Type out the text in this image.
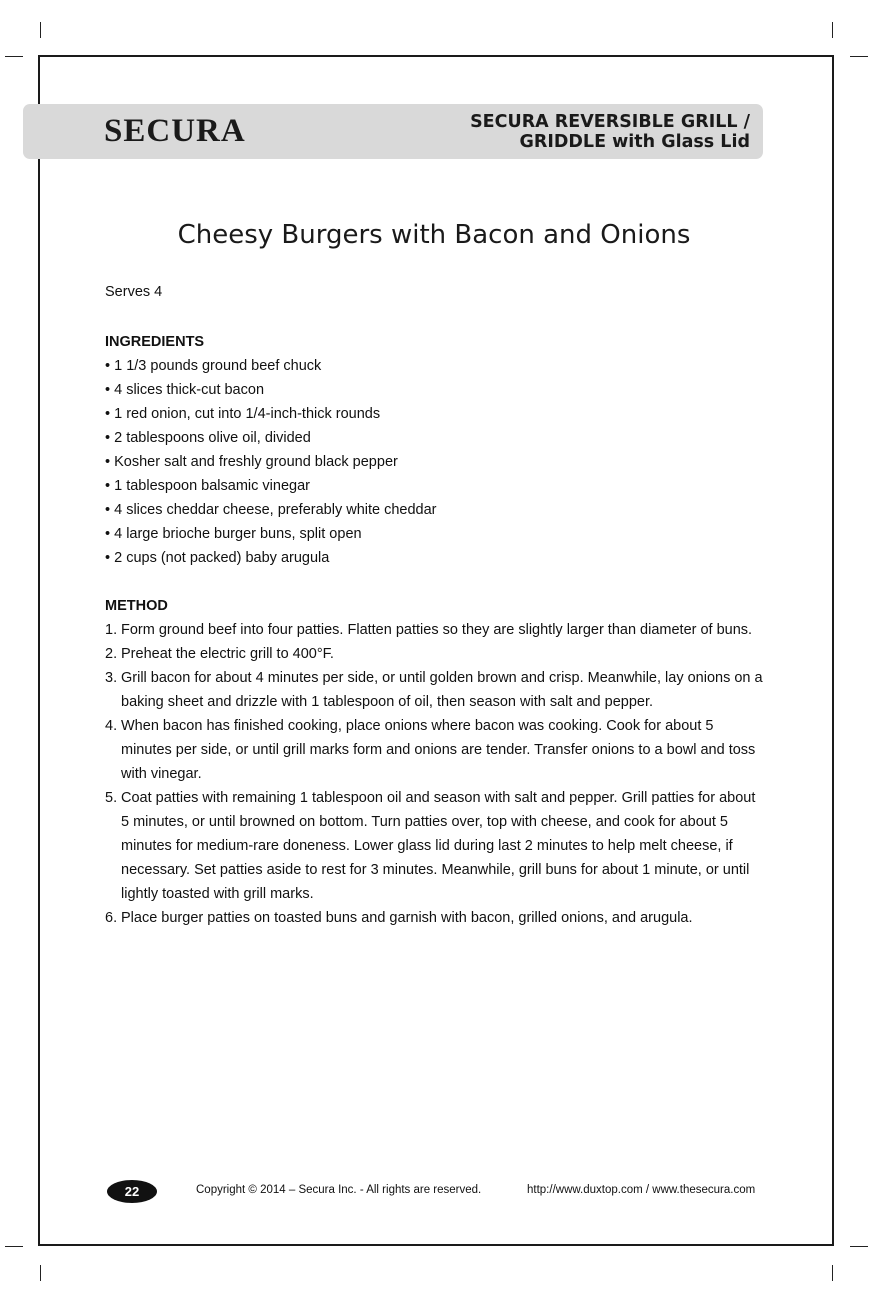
SECURA	SECURA REVERSIBLE GRILL /
GRIDDLE with Glass Lid
Cheesy Burgers with Bacon and Onions
Serves 4

INGREDIENTS

• 1 1/3 pounds ground beef chuck
• 4 slices thick-cut bacon
• 1 red onion, cut into 1/4-inch-thick rounds
• 2 tablespoons olive oil, divided
• Kosher salt and freshly ground black pepper
• 1 tablespoon balsamic vinegar
• 4 slices cheddar cheese, preferably white cheddar
• 4 large brioche burger buns, split open
• 2 cups (not packed) baby arugula

METHOD

1. Form ground beef into four patties. Flatten patties so they are slightly larger than diameter of buns.
2. Preheat the electric grill to 400°F.
3. Grill bacon for about 4 minutes per side, or until golden brown and crisp. Meanwhile, lay onions on a baking sheet and drizzle with 1 tablespoon of oil, then season with salt and pepper.
4. When bacon has finished cooking, place onions where bacon was cooking. Cook for about 5 minutes per side, or until grill marks form and onions are tender. Transfer onions to a bowl and toss with vinegar.
5. Coat patties with remaining 1 tablespoon oil and season with salt and pepper. Grill patties for about 5 minutes, or until browned on bottom. Turn patties over, top with cheese, and cook for about 5 minutes for medium-rare doneness. Lower glass lid during last 2 minutes to help melt cheese, if necessary. Set patties aside to rest for 3 minutes. Meanwhile, grill buns for about 1 minute, or until lightly toasted with grill marks.
6. Place burger patties on toasted buns and garnish with bacon, grilled onions, and arugula.
22	Copyright © 2014 – Secura Inc. - All rights are reserved.	http://www.duxtop.com / www.thesecura.com
